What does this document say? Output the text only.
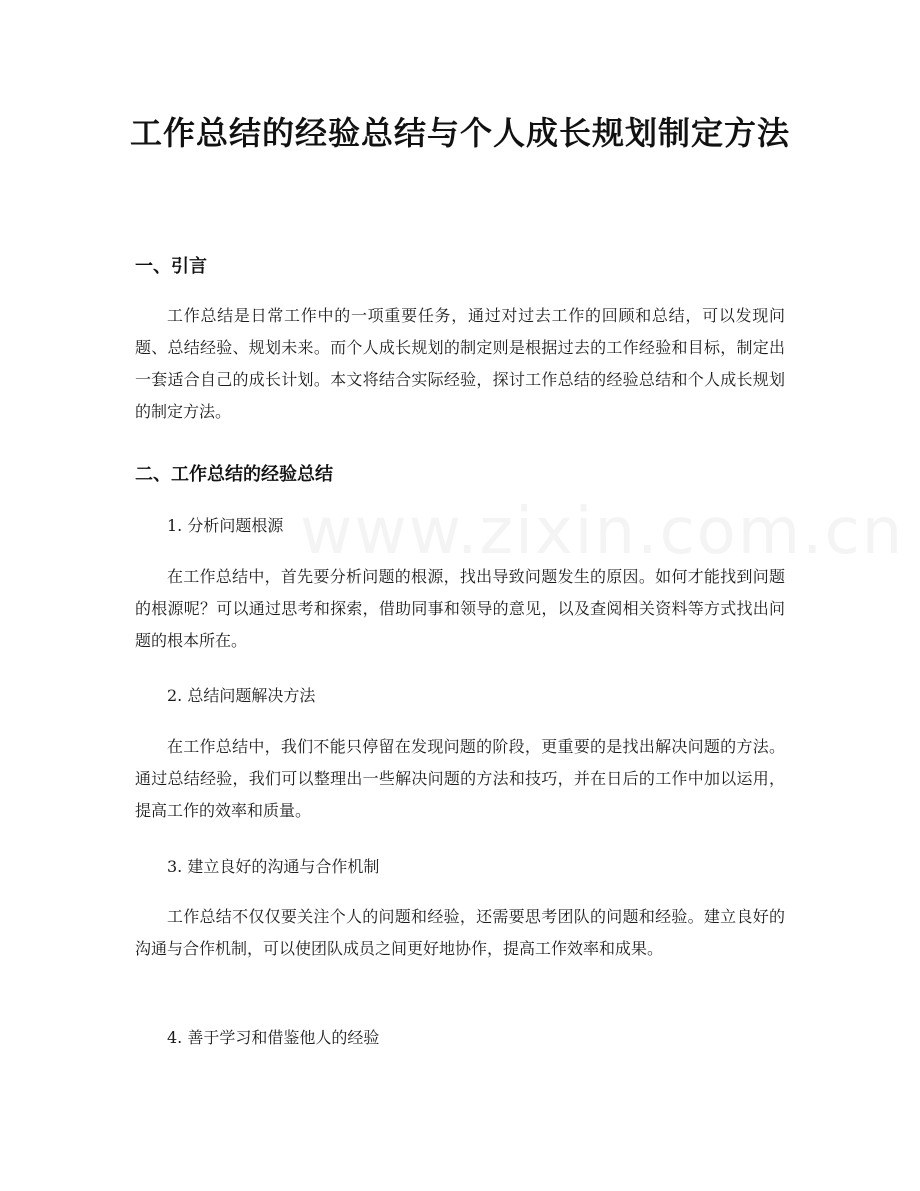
www.zixin.com.cn
工作总结的经验总结与个人成长规划制定方法
一、引言
工作总结是日常工作中的一项重要任务，通过对过去工作的回顾和总结，可以发现问题、总结经验、规划未来。而个人成长规划的制定则是根据过去的工作经验和目标，制定出一套适合自己的成长计划。本文将结合实际经验，探讨工作总结的经验总结和个人成长规划的制定方法。
二、工作总结的经验总结
1. 分析问题根源
在工作总结中，首先要分析问题的根源，找出导致问题发生的原因。如何才能找到问题的根源呢？可以通过思考和探索，借助同事和领导的意见，以及查阅相关资料等方式找出问题的根本所在。
2. 总结问题解决方法
在工作总结中，我们不能只停留在发现问题的阶段，更重要的是找出解决问题的方法。通过总结经验，我们可以整理出一些解决问题的方法和技巧，并在日后的工作中加以运用，提高工作的效率和质量。
3. 建立良好的沟通与合作机制
工作总结不仅仅要关注个人的问题和经验，还需要思考团队的问题和经验。建立良好的沟通与合作机制，可以使团队成员之间更好地协作，提高工作效率和成果。
4. 善于学习和借鉴他人的经验
